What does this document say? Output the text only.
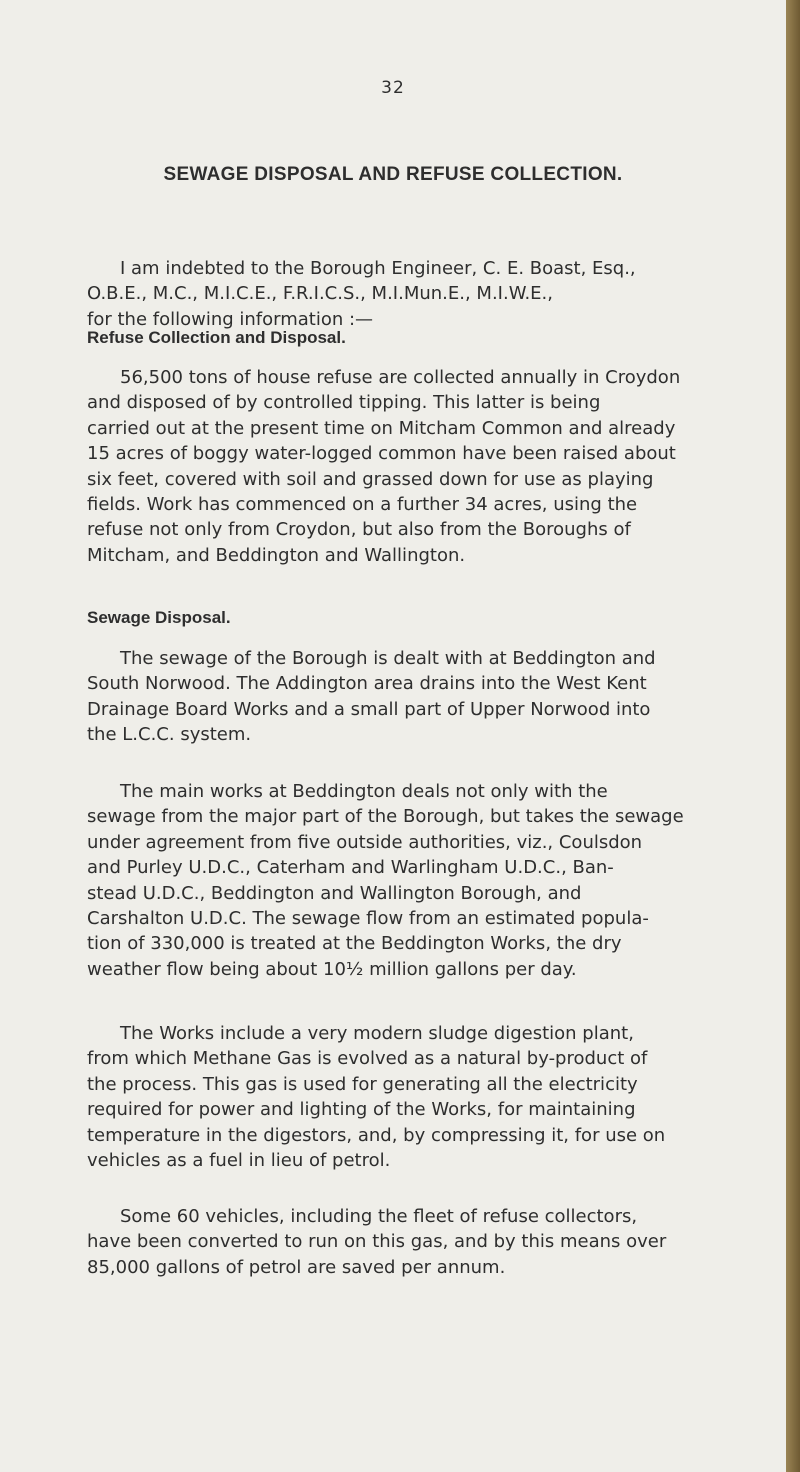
32
SEWAGE DISPOSAL AND REFUSE COLLECTION.

I am indebted to the Borough Engineer, C. E. Boast, Esq.,
O.B.E., M.C., M.I.C.E., F.R.I.C.S., M.I.Mun.E., M.I.W.E.,
for the following information :—

Refuse Collection and Disposal.

56,500 tons of house refuse are collected annually in Croydon
and disposed of by controlled tipping. This latter is being
carried out at the present time on Mitcham Common and already
15 acres of boggy water-logged common have been raised about
six feet, covered with soil and grassed down for use as playing
fields. Work has commenced on a further 34 acres, using the
refuse not only from Croydon, but also from the Boroughs of
Mitcham, and Beddington and Wallington.

Sewage Disposal.

The sewage of the Borough is dealt with at Beddington and
South Norwood. The Addington area drains into the West Kent
Drainage Board Works and a small part of Upper Norwood into
the L.C.C. system.

The main works at Beddington deals not only with the
sewage from the major part of the Borough, but takes the sewage
under agreement from five outside authorities, viz., Coulsdon
and Purley U.D.C., Caterham and Warlingham U.D.C., Ban-
stead U.D.C., Beddington and Wallington Borough, and
Carshalton U.D.C. The sewage flow from an estimated popula-
tion of 330,000 is treated at the Beddington Works, the dry
weather flow being about 10½ million gallons per day.

The Works include a very modern sludge digestion plant,
from which Methane Gas is evolved as a natural by-product of
the process. This gas is used for generating all the electricity
required for power and lighting of the Works, for maintaining
temperature in the digestors, and, by compressing it, for use on
vehicles as a fuel in lieu of petrol.

Some 60 vehicles, including the fleet of refuse collectors,
have been converted to run on this gas, and by this means over
85,000 gallons of petrol are saved per annum.
